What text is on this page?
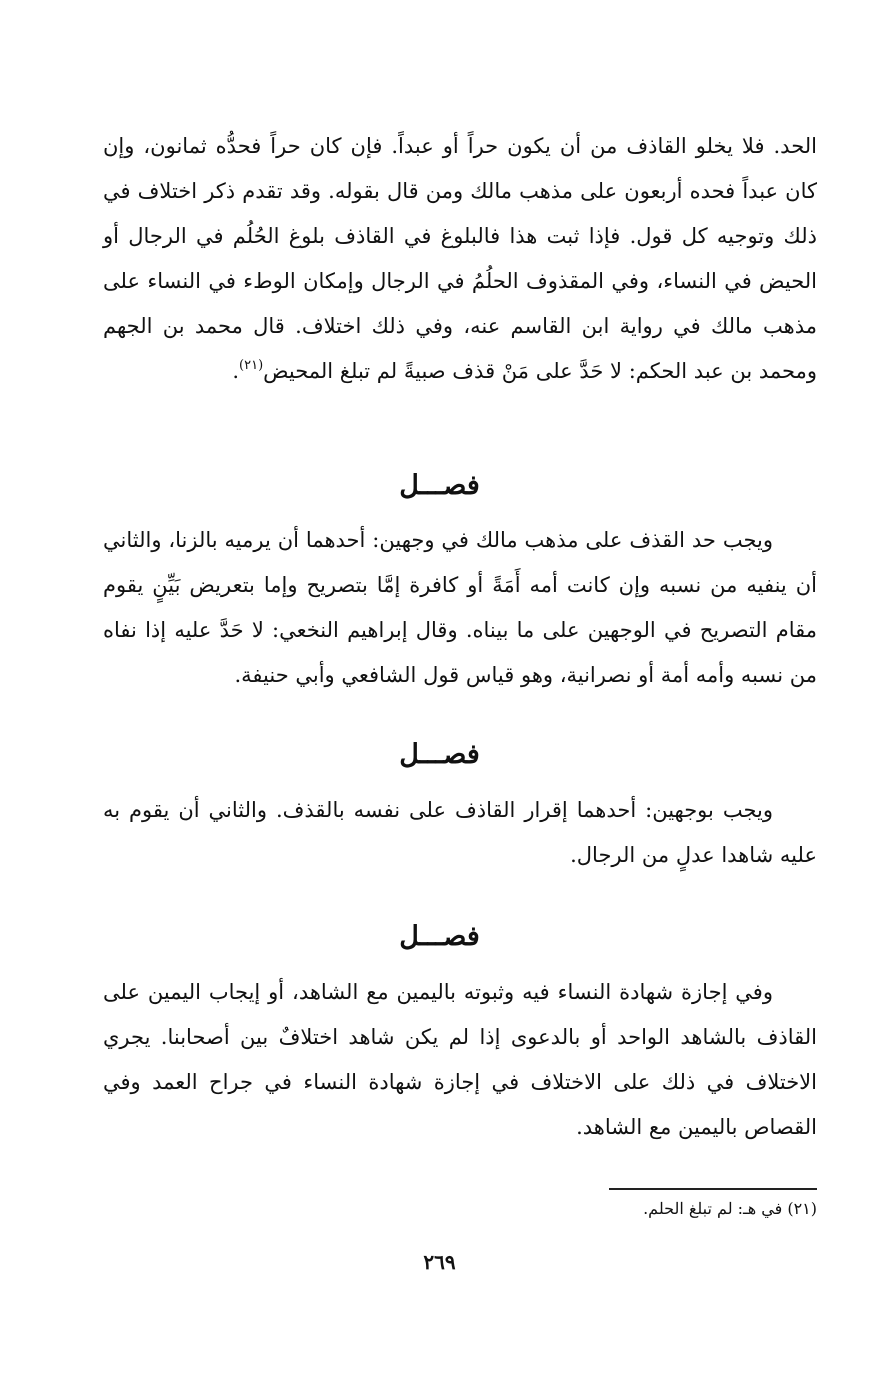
الحد. فلا يخلو القاذف من أن يكون حراً أو عبداً. فإن كان حراً فحدُّه ثمانون، وإن كان عبداً فحده أربعون على مذهب مالك ومن قال بقوله. وقد تقدم ذكر اختلاف في ذلك وتوجيه كل قول. فإذا ثبت هذا فالبلوغ في القاذف بلوغ الحُلُم في الرجال أو الحيض في النساء، وفي المقذوف الحلُمُ في الرجال وإمكان الوطء في النساء على مذهب مالك في رواية ابن القاسم عنه، وفي ذلك اختلاف. قال محمد بن الجهم ومحمد بن عبد الحكم: لا حَدَّ على مَنْ قذف صبيةً لم تبلغ المحيض$^{(٢١)}$.

فصـــل

ويجب حد القذف على مذهب مالك في وجهين: أحدهما أن يرميه بالزنا، والثاني أن ينفيه من نسبه وإن كانت أمه أَمَةً أو كافرة إمَّا بتصريح وإما بتعريض بَيِّنٍ يقوم مقام التصريح في الوجهين على ما بيناه. وقال إبراهيم النخعي: لا حَدَّ عليه إذا نفاه من نسبه وأمه أمة أو نصرانية، وهو قياس قول الشافعي وأبي حنيفة.

فصـــل

ويجب بوجهين: أحدهما إقرار القاذف على نفسه بالقذف. والثاني أن يقوم به عليه شاهدا عدلٍ من الرجال.

فصـــل

وفي إجازة شهادة النساء فيه وثبوته باليمين مع الشاهد، أو إيجاب اليمين على القاذف بالشاهد الواحد أو بالدعوى إذا لم يكن شاهد اختلافٌ بين أصحابنا. يجري الاختلاف في ذلك على الاختلاف في إجازة شهادة النساء في جراح العمد وفي القصاص باليمين مع الشاهد.

(٢١) في هـ: لم تبلغ الحلم.
٢٦٩
